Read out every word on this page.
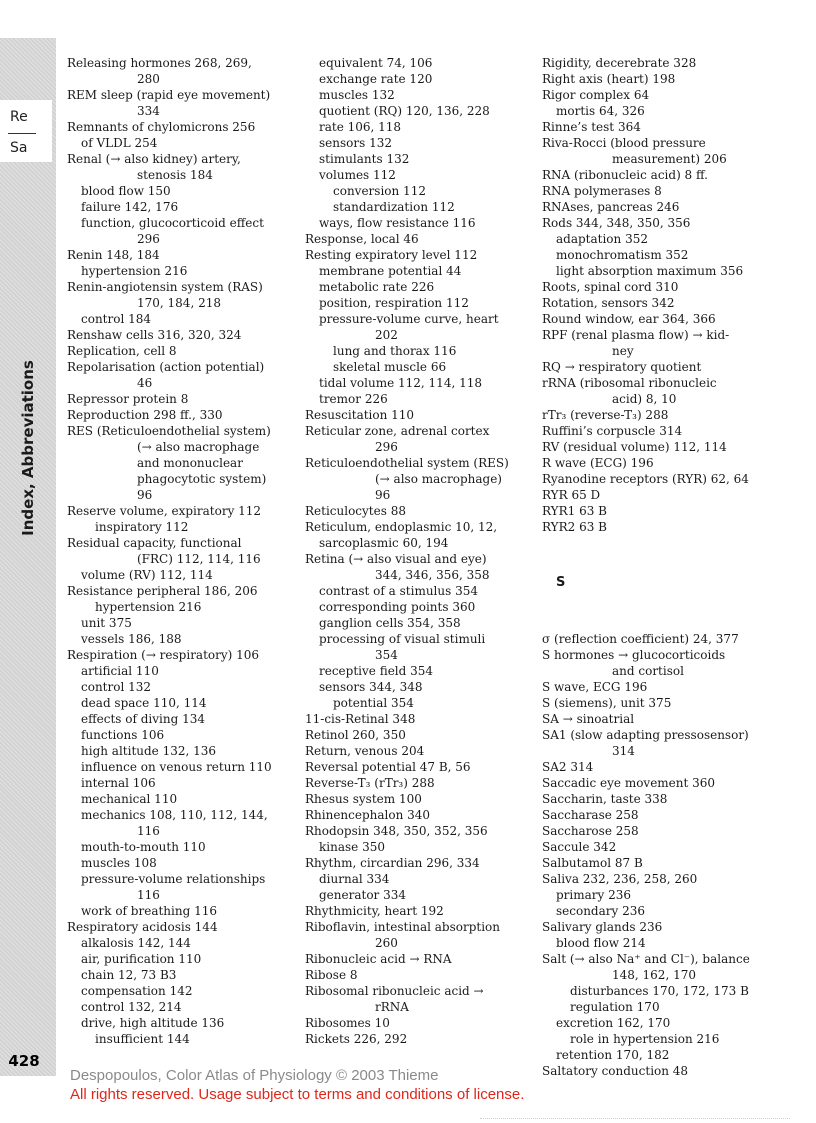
Re
Sa
Index, Abbreviations
428
Releasing hormones 268, 269,
280
REM sleep (rapid eye movement)
334
Remnants of chylomicrons 256
of VLDL 254
Renal (→ also kidney) artery,
stenosis 184
blood flow 150
failure 142, 176
function, glucocorticoid effect
296
Renin 148, 184
hypertension 216
Renin-angiotensin system (RAS)
170, 184, 218
control 184
Renshaw cells 316, 320, 324
Replication, cell 8
Repolarisation (action potential)
46
Repressor protein 8
Reproduction 298 ff., 330
RES (Reticuloendothelial system)
(→ also macrophage
and mononuclear
phagocytotic system)
96
Reserve volume, expiratory 112
inspiratory 112
Residual capacity, functional
(FRC) 112, 114, 116
volume (RV) 112, 114
Resistance peripheral 186, 206
hypertension 216
unit 375
vessels 186, 188
Respiration (→ respiratory) 106
artificial 110
control 132
dead space 110, 114
effects of diving 134
functions 106
high altitude 132, 136
influence on venous return 110
internal 106
mechanical 110
mechanics 108, 110, 112, 144,
116
mouth-to-mouth 110
muscles 108
pressure-volume relationships
116
work of breathing 116
Respiratory acidosis 144
alkalosis 142, 144
air, purification 110
chain 12, 73 B3
compensation 142
control 132, 214
drive, high altitude 136
insufficient 144
equivalent 74, 106
exchange rate 120
muscles 132
quotient (RQ) 120, 136, 228
rate 106, 118
sensors 132
stimulants 132
volumes 112
conversion 112
standardization 112
ways, flow resistance 116
Response, local 46
Resting expiratory level 112
membrane potential 44
metabolic rate 226
position, respiration 112
pressure-volume curve, heart
202
lung and thorax 116
skeletal muscle 66
tidal volume 112, 114, 118
tremor 226
Resuscitation 110
Reticular zone, adrenal cortex
296
Reticuloendothelial system (RES)
(→ also macrophage)
96
Reticulocytes 88
Reticulum, endoplasmic 10, 12,
sarcoplasmic 60, 194
Retina (→ also visual and eye)
344, 346, 356, 358
contrast of a stimulus 354
corresponding points 360
ganglion cells 354, 358
processing of visual stimuli
354
receptive field 354
sensors 344, 348
potential 354
11-cis-Retinal 348
Retinol 260, 350
Return, venous 204
Reversal potential 47 B, 56
Reverse-T₃ (rTr₃) 288
Rhesus system 100
Rhinencephalon 340
Rhodopsin 348, 350, 352, 356
kinase 350
Rhythm, circardian 296, 334
diurnal 334
generator 334
Rhythmicity, heart 192
Riboflavin, intestinal absorption
260
Ribonucleic acid → RNA
Ribose 8
Ribosomal ribonucleic acid →
rRNA
Ribosomes 10
Rickets 226, 292
Rigidity, decerebrate 328
Right axis (heart) 198
Rigor complex 64
mortis 64, 326
Rinne’s test 364
Riva-Rocci (blood pressure
measurement) 206
RNA (ribonucleic acid) 8 ff.
RNA polymerases 8
RNAses, pancreas 246
Rods 344, 348, 350, 356
adaptation 352
monochromatism 352
light absorption maximum 356
Roots, spinal cord 310
Rotation, sensors 342
Round window, ear 364, 366
RPF (renal plasma flow) → kid-
ney
RQ → respiratory quotient
rRNA (ribosomal ribonucleic
acid) 8, 10
rTr₃ (reverse-T₃) 288
Ruffini’s corpuscle 314
RV (residual volume) 112, 114
R wave (ECG) 196
Ryanodine receptors (RYR) 62, 64
RYR 65 D
RYR1 63 B
RYR2 63 B
S
σ (reflection coefficient) 24, 377
S hormones → glucocorticoids
and cortisol
S wave, ECG 196
S (siemens), unit 375
SA → sinoatrial
SA1 (slow adapting pressosensor)
314
SA2 314
Saccadic eye movement 360
Saccharin, taste 338
Saccharase 258
Saccharose 258
Saccule 342
Salbutamol 87 B
Saliva 232, 236, 258, 260
primary 236
secondary 236
Salivary glands 236
blood flow 214
Salt (→ also Na⁺ and Cl⁻), balance
148, 162, 170
disturbances 170, 172, 173 B
regulation 170
excretion 162, 170
role in hypertension 216
retention 170, 182
Saltatory conduction 48
Despopoulos, Color Atlas of Physiology © 2003 Thieme
All rights reserved. Usage subject to terms and conditions of license.
